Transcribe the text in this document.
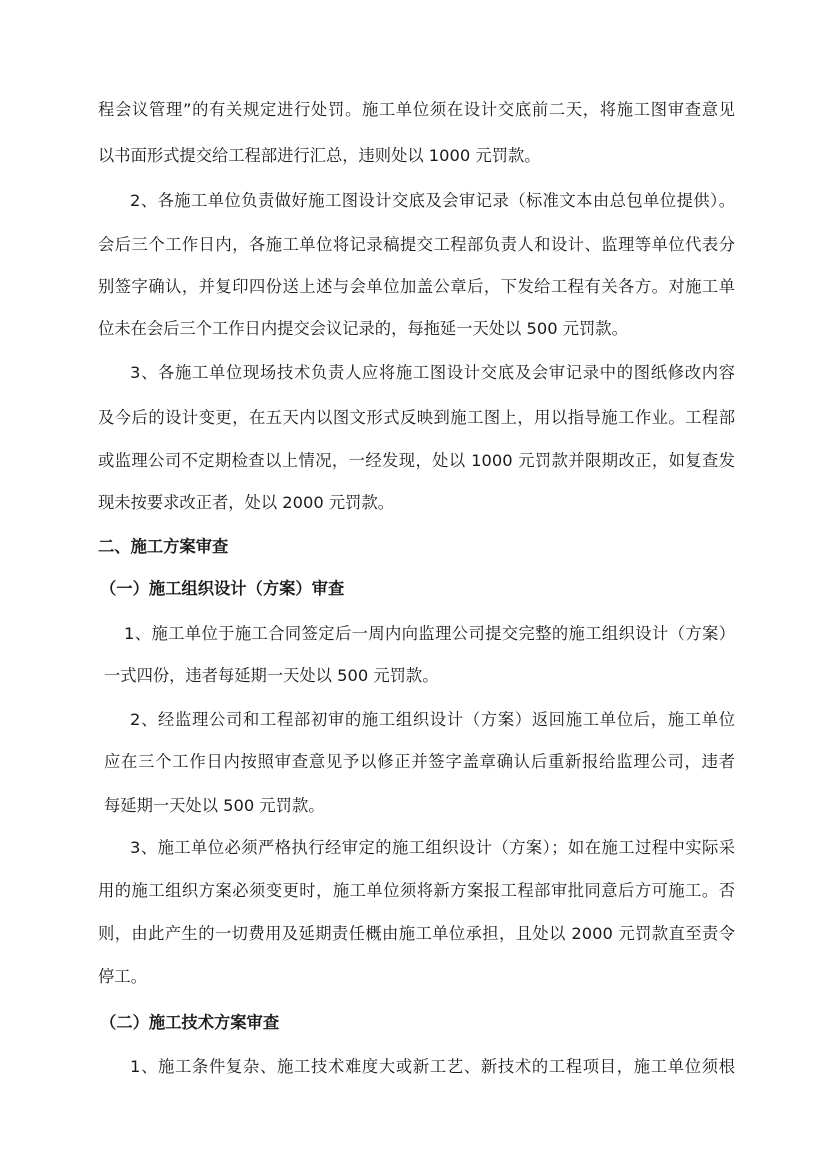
程会议管理”的有关规定进行处罚。施工单位须在设计交底前二天，将施工图审查意见
以书面形式提交给工程部进行汇总，违则处以 1000 元罚款。
2、各施工单位负责做好施工图设计交底及会审记录（标准文本由总包单位提供）。
会后三个工作日内，各施工单位将记录稿提交工程部负责人和设计、监理等单位代表分
别签字确认，并复印四份送上述与会单位加盖公章后，下发给工程有关各方。对施工单
位未在会后三个工作日内提交会议记录的，每拖延一天处以 500 元罚款。
3、各施工单位现场技术负责人应将施工图设计交底及会审记录中的图纸修改内容
及今后的设计变更，在五天内以图文形式反映到施工图上，用以指导施工作业。工程部
或监理公司不定期检查以上情况，一经发现，处以 1000 元罚款并限期改正，如复查发
现未按要求改正者，处以 2000 元罚款。
二、施工方案审查
（一）施工组织设计（方案）审查
1、施工单位于施工合同签定后一周内向监理公司提交完整的施工组织设计（方案）
一式四份，违者每延期一天处以 500 元罚款。
2、经监理公司和工程部初审的施工组织设计（方案）返回施工单位后，施工单位
应在三个工作日内按照审查意见予以修正并签字盖章确认后重新报给监理公司，违者
每延期一天处以 500 元罚款。
3、施工单位必须严格执行经审定的施工组织设计（方案）；如在施工过程中实际采
用的施工组织方案必须变更时，施工单位须将新方案报工程部审批同意后方可施工。否
则，由此产生的一切费用及延期责任概由施工单位承担，且处以 2000 元罚款直至责令
停工。
（二）施工技术方案审查
1、施工条件复杂、施工技术难度大或新工艺、新技术的工程项目，施工单位须根
